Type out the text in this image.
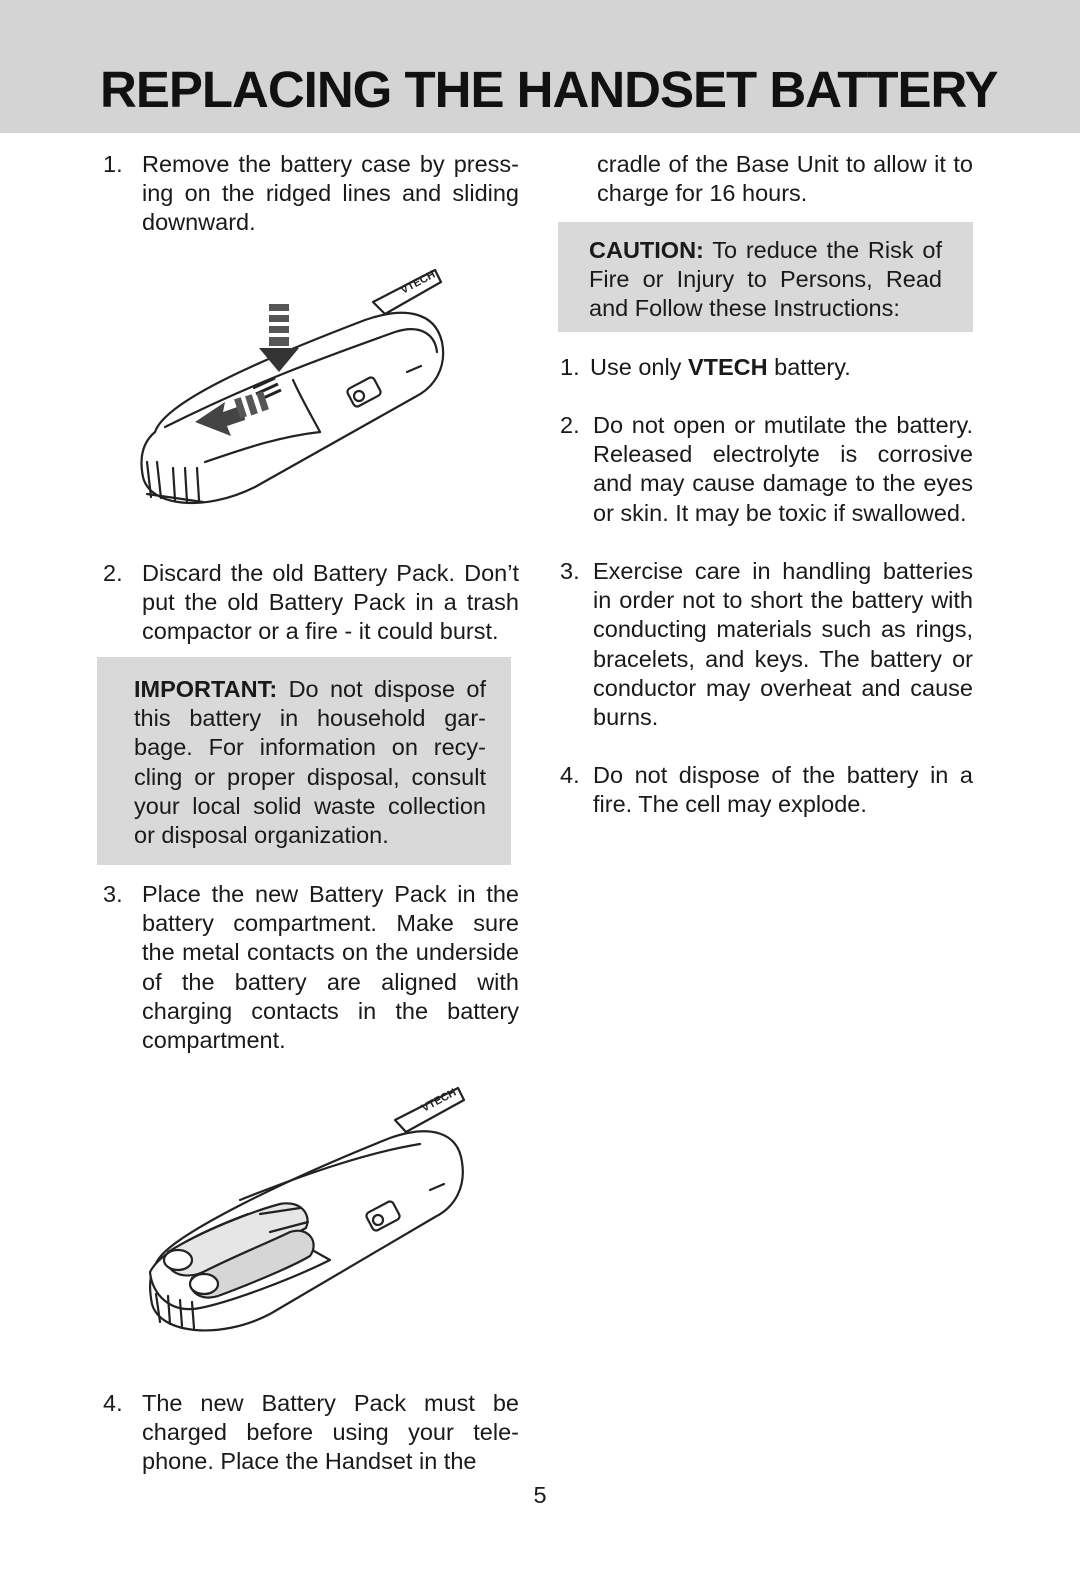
REPLACING THE HANDSET BATTERY
1. Remove the battery case by press- ing on the ridged lines and sliding downward.
VTECH
2. Discard the old Battery Pack. Don’t put the old Battery Pack in a trash compactor or a fire - it could burst.
IMPORTANT: Do not dispose of this battery in household gar- bage. For information on recy- cling or proper disposal, consult your local solid waste collection or disposal organization.
3. Place the new Battery Pack in the battery compartment. Make sure the metal contacts on the underside of the battery are aligned with charging contacts in the battery compartment.
VTECH
4. The new Battery Pack must be charged before using your tele- phone. Place the Handset in the
cradle of the Base Unit to allow it to charge for 16 hours.
CAUTION: To reduce the Risk of Fire or Injury to Persons, Read and Follow these Instructions:
1. Use only VTECH battery.
2. Do not open or mutilate the battery. Released electrolyte is corrosive and may cause damage to the eyes or skin. It may be toxic if swallowed.
3. Exercise care in handling batteries in order not to short the battery with conducting materials such as rings, bracelets, and keys. The battery or conductor may overheat and cause burns.
4. Do not dispose of the battery in a fire. The cell may explode.
5
